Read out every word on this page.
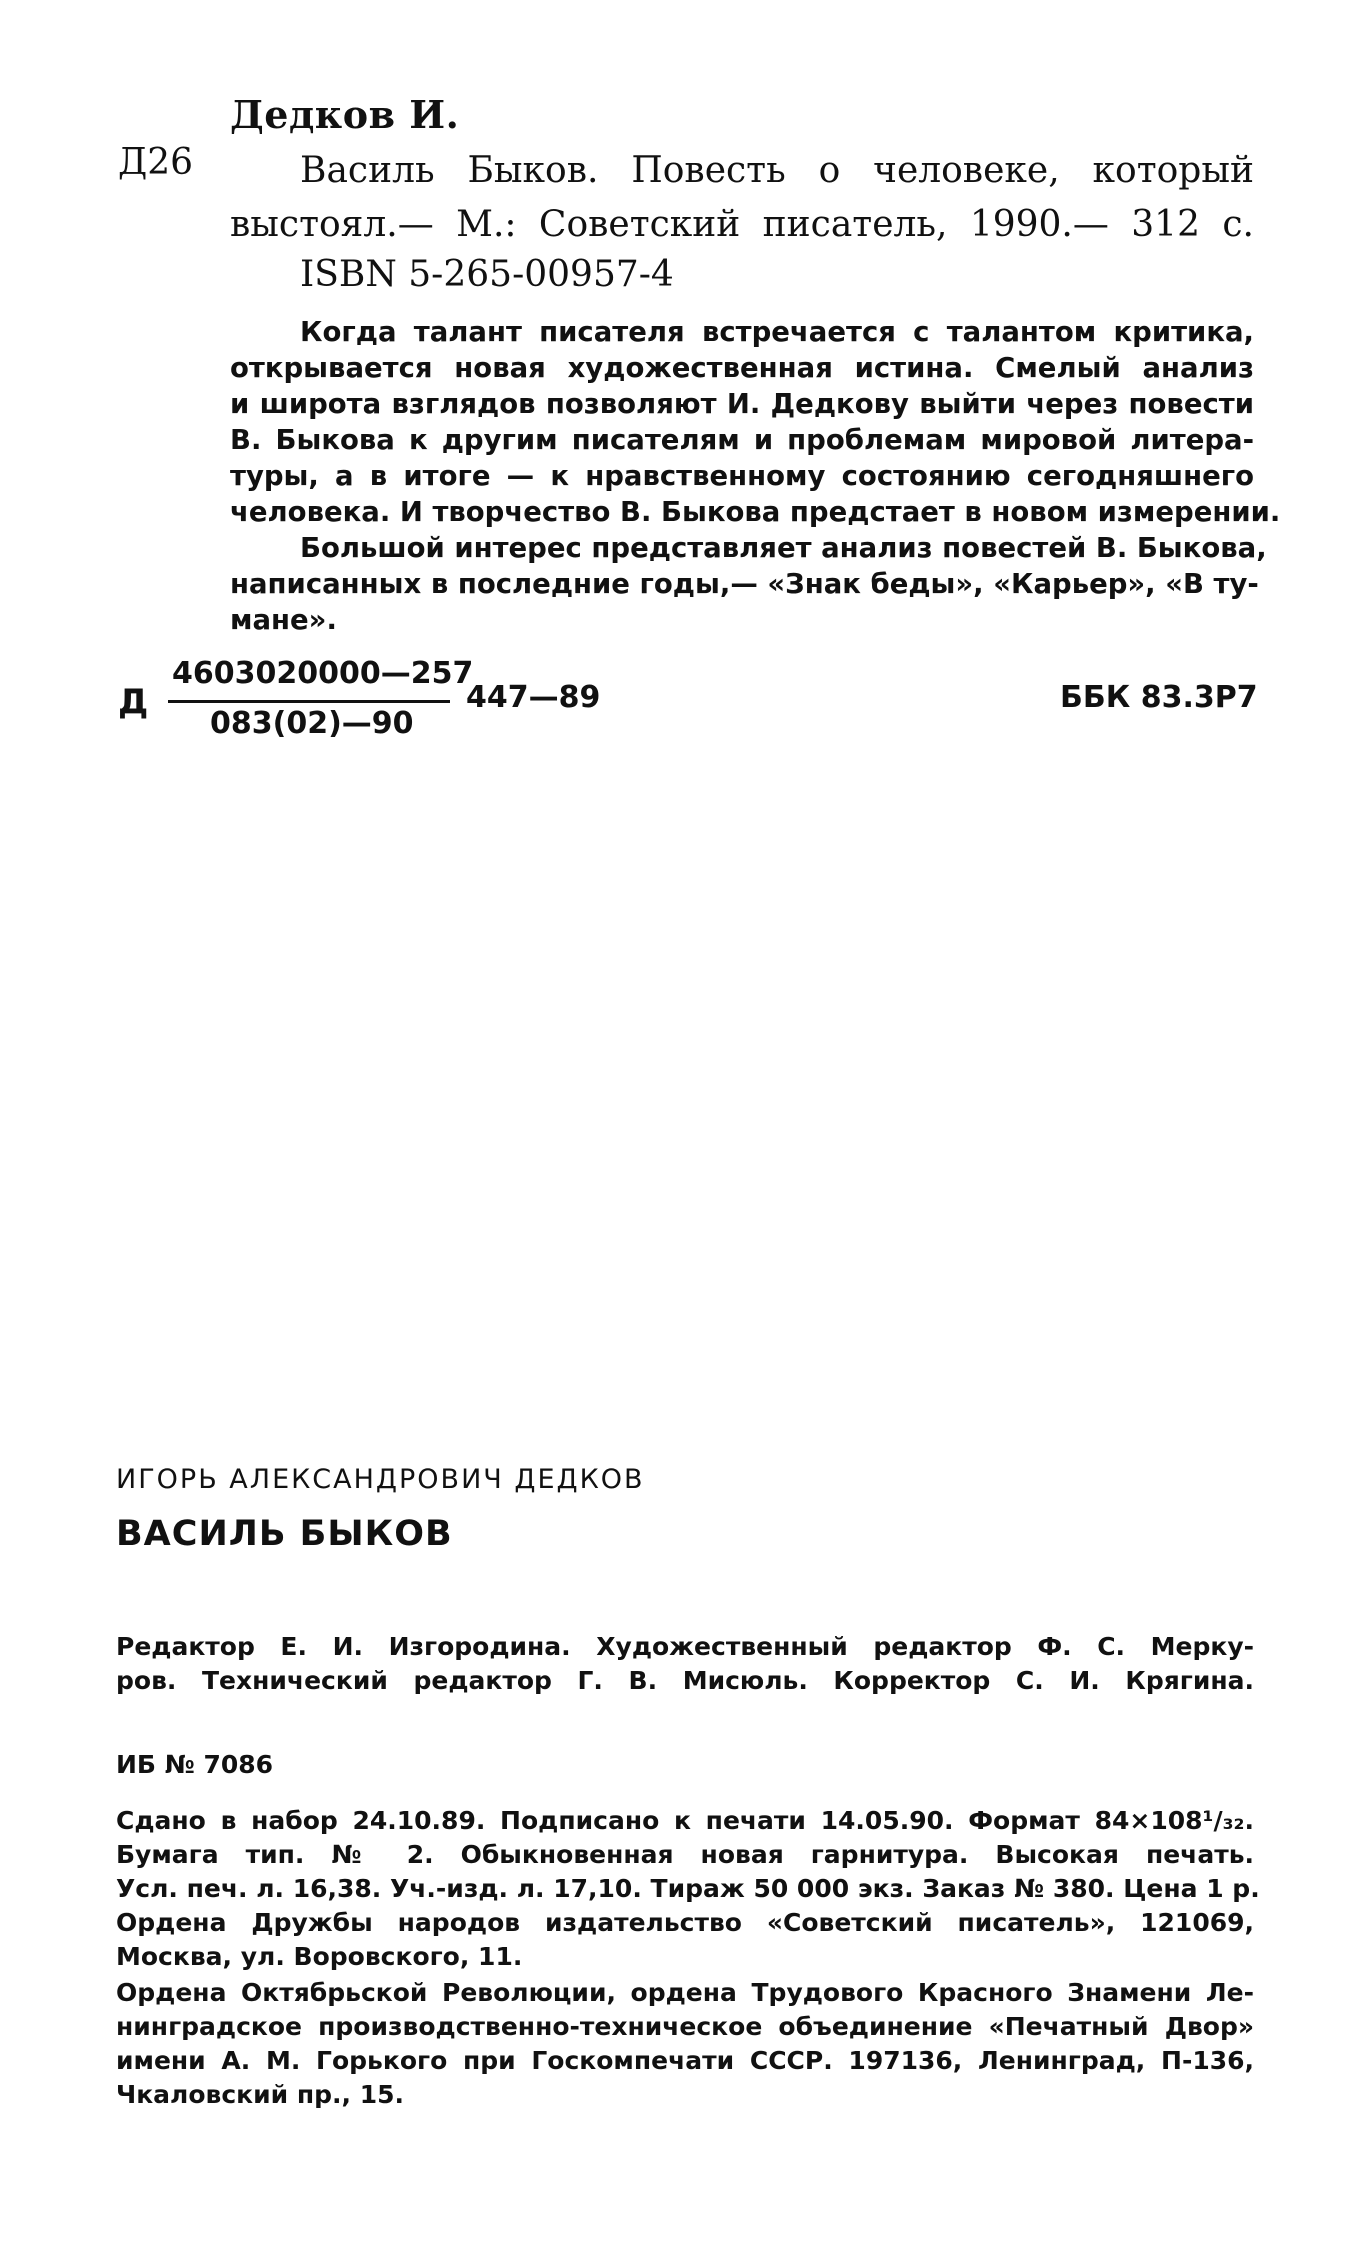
Дедков И.
Д26	Василь Быков. Повесть о человеке, который
выстоял.— М.: Советский писатель, 1990.— 312 с.
ISBN 5-265-00957-4
Когда талант писателя встречается с талантом критика,
открывается новая художественная истина. Смелый анализ
и широта взглядов позволяют И. Дедкову выйти через повести
В. Быкова к другим писателям и проблемам мировой литера-
туры, а в итоге — к нравственному состоянию сегодняшнего
человека. И творчество В. Быкова предстает в новом измерении.
Большой интерес представляет анализ повестей В. Быкова,
написанных в последние годы,— «Знак беды», «Карьер», «В ту-
мане».
Д
4603020000—257
083(02)—90
447—89	ББК 83.3Р7
ИГОРЬ АЛЕКСАНДРОВИЧ ДЕДКОВ
ВАСИЛЬ БЫКОВ
Редактор Е. И. Изгородина. Художественный редактор Ф. С. Мерку-
ров. Технический редактор Г. В. Мисюль. Корректор С. И. Крягина.
ИБ № 7086
Сдано в набор 24.10.89. Подписано к печати 14.05.90. Формат 84×108¹/₃₂.
Бумага тип. № 2. Обыкновенная новая гарнитура. Высокая печать.
Усл. печ. л. 16,38. Уч.-изд. л. 17,10. Тираж 50 000 экз. Заказ № 380. Цена 1 р.
Ордена Дружбы народов издательство «Советский писатель», 121069,
Москва, ул. Воровского, 11.
Ордена Октябрьской Революции, ордена Трудового Красного Знамени Ле-
нинградское производственно-техническое объединение «Печатный Двор»
имени А. М. Горького при Госкомпечати СССР. 197136, Ленинград, П-136,
Чкаловский пр., 15.
